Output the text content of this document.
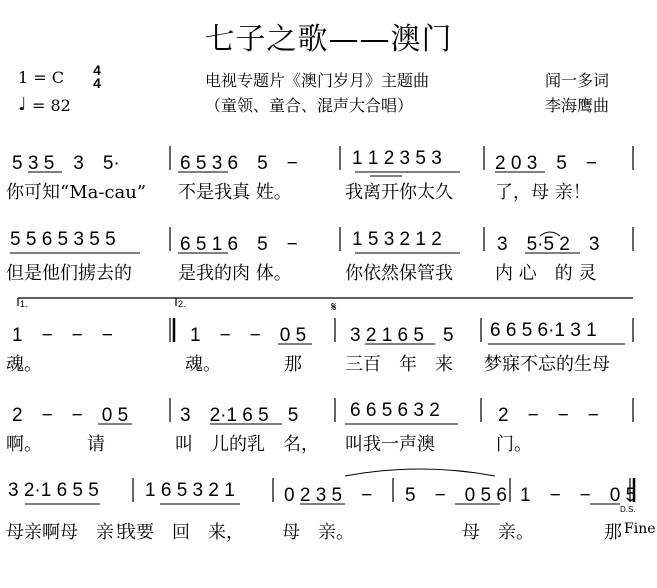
七子之歌——澳门
1 = C 4
4
♩ = 82
电视专题片《澳门岁月》主题曲
（童领、童合、混声大合唱）
闻一多词
李海鹰曲
1.	2.	𝄋
5 3 5　3　5·	6 5 3 6　5　−	1 1 2 3 5 3	2 0 3　5　−
你可知“Ma-cau” 不是我真 姓。	我离开你太久 了，母 亲！
5 5 6 5 3 5 5	6 5 1 6　5　−	1 5 3 2 1 2	3　5·5 2　3
但是他们掳去的	是我的肉 体。	你依然保管我 内 心　的 灵
1　−　−　−	1　−　−　0 5 3 2 1 6 5　5 6 6 5 6·1 3 1
魂。	魂。　　　　那 三百　年　来 梦寐不忘的生母
2　−　−　0 5	3　2·1 6 5　5	6 6 5 6 3 2	2　−　−　−
啊。　　　请	叫　儿的乳　名， 叫我一声澳	门。
3 2·1 6 5 5 1 6 5 3 2 1	0 2 3 5　− 5　−　0 5 6 1　−　−　0 5
母亲啊母　亲！
我要　回　来， 母　亲。	母　亲。	那
D.S.
Fine
